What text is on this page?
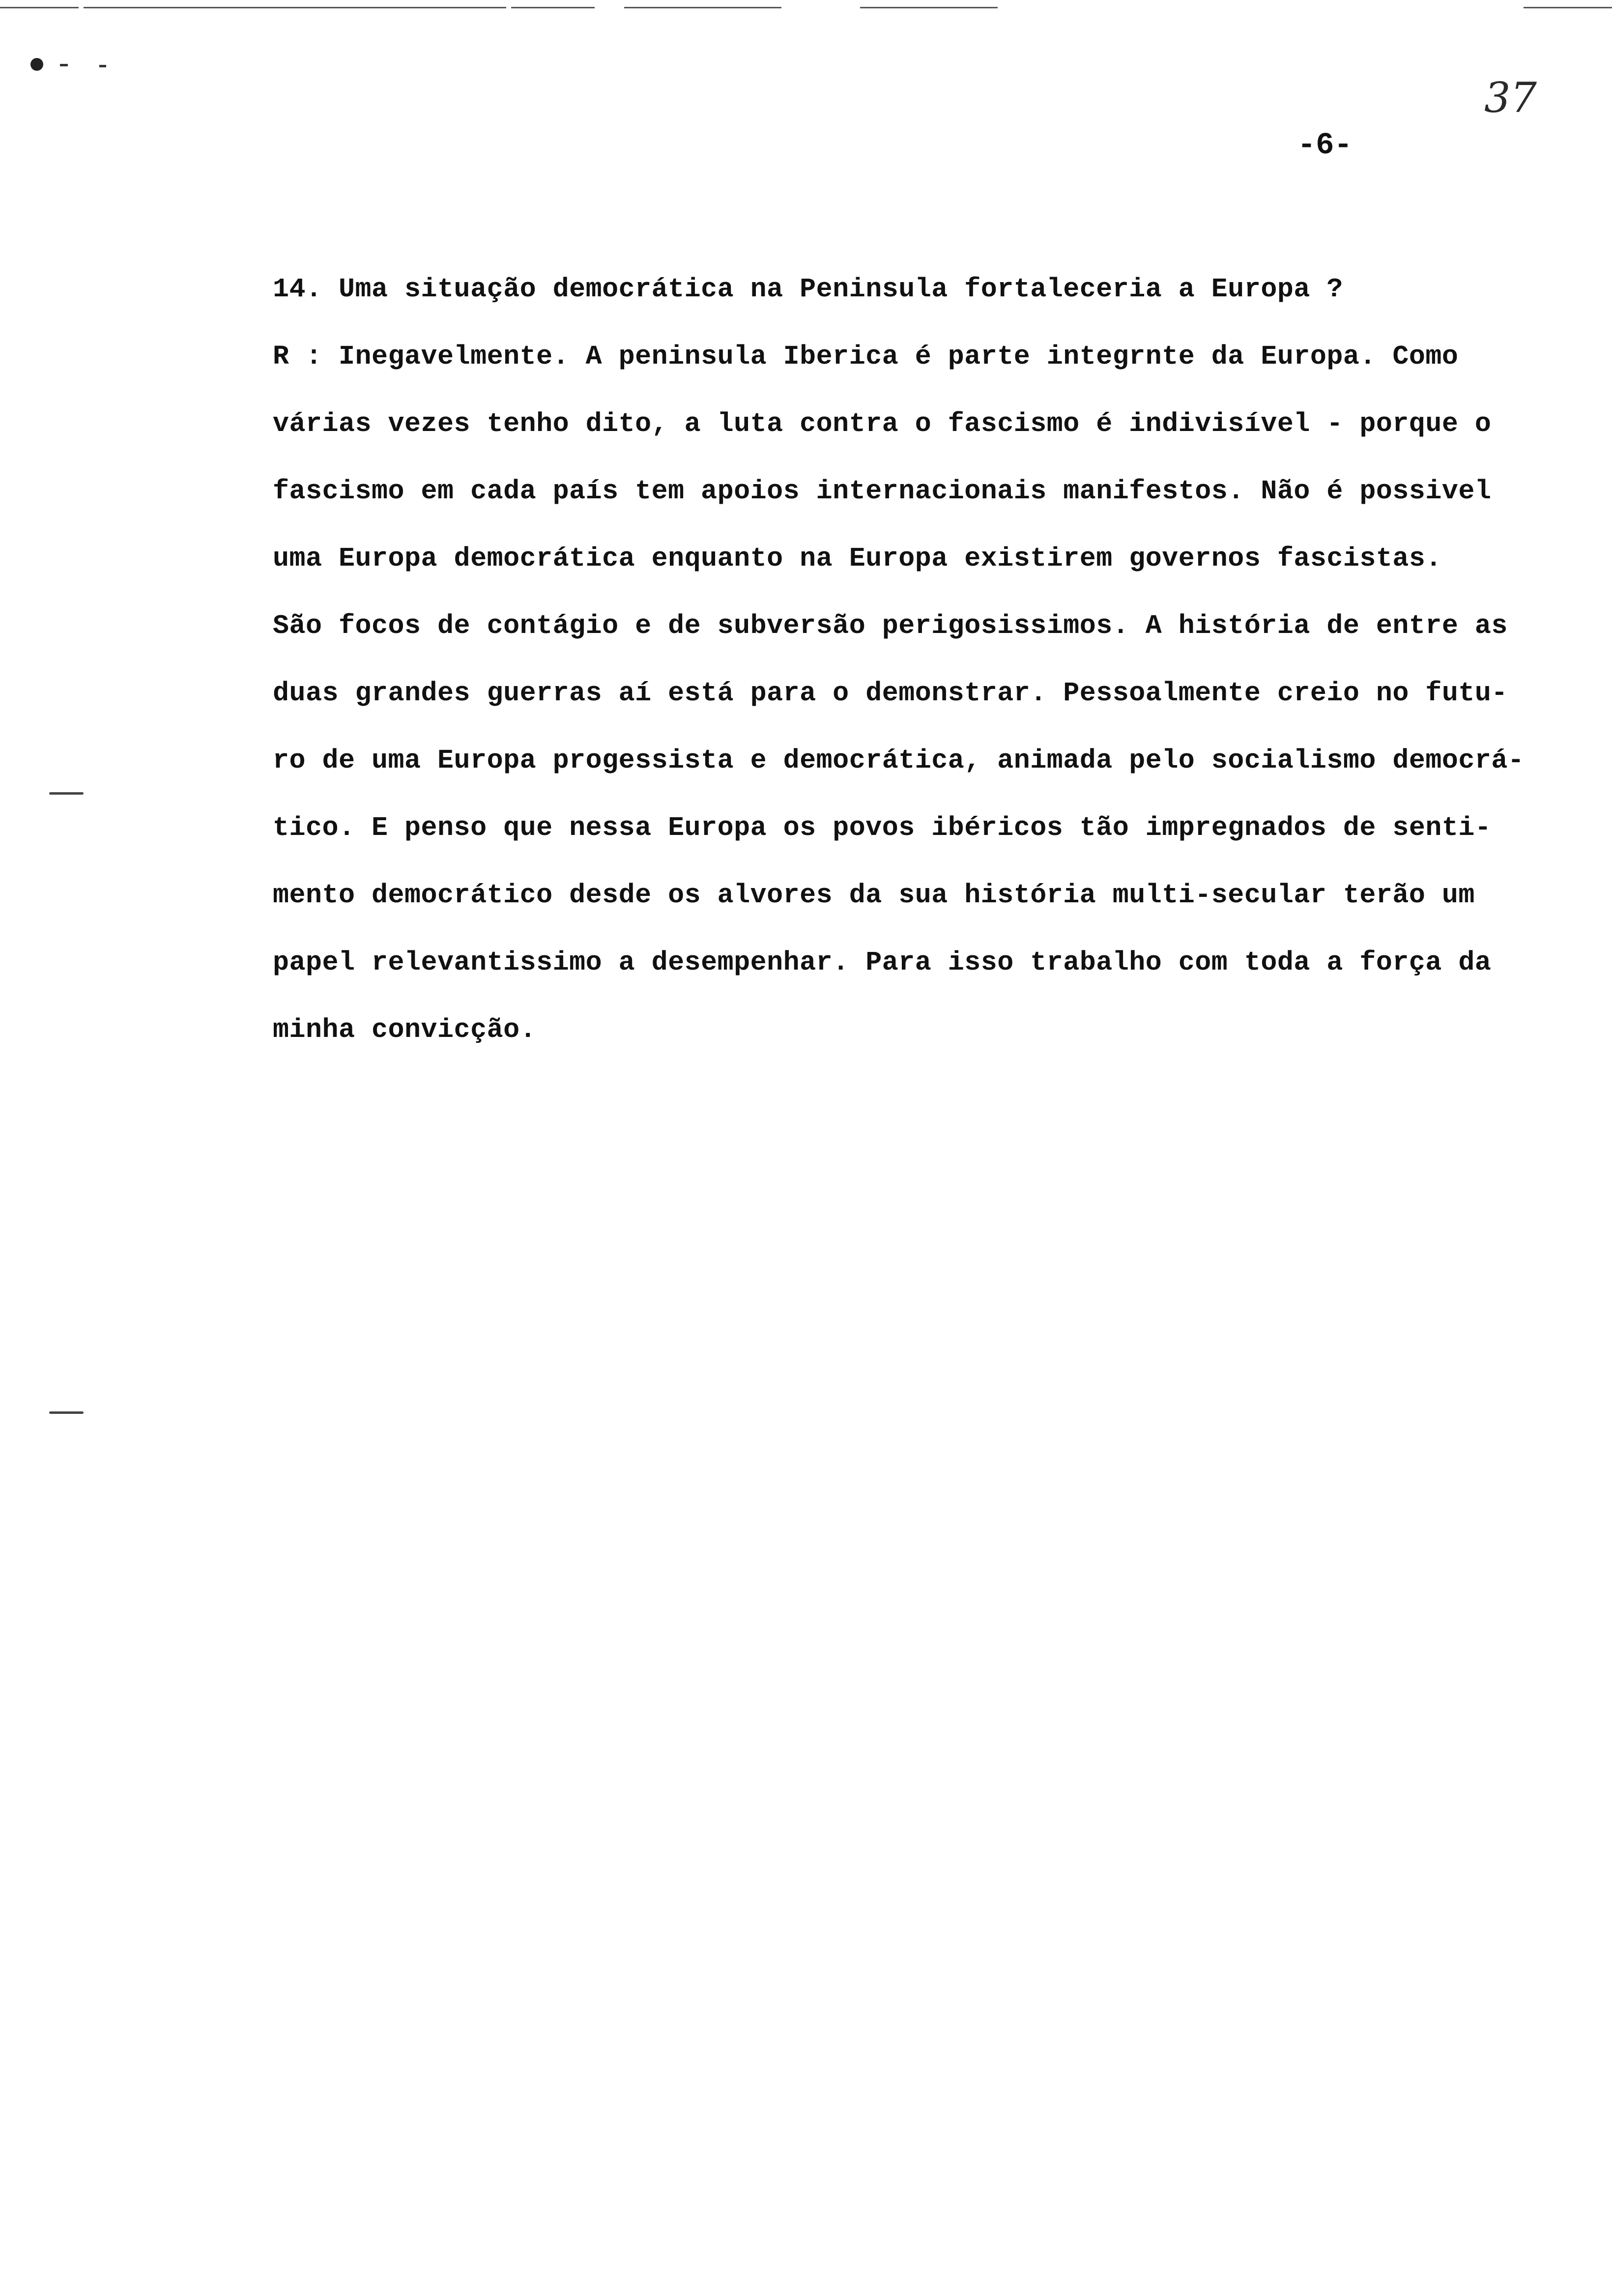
37
-6-
14. Uma situação democrática na Peninsula fortaleceria a Europa ?
R : Inegavelmente. A peninsula Iberica é parte integrnte da Europa. Como
várias vezes tenho dito, a luta contra o fascismo é indivisível - porque o
fascismo em cada país tem apoios internacionais manifestos. Não é possivel
uma Europa democrática enquanto na Europa existirem governos fascistas.
São focos de contágio e de subversão perigosissimos. A história de entre as
duas grandes guerras aí está para o demonstrar. Pessoalmente creio no futu-
ro de uma Europa progessista e democrática, animada pelo socialismo democrá-
tico. E penso que nessa Europa os povos ibéricos tão impregnados de senti-
mento democrático desde os alvores da sua história multi-secular terão um
papel relevantissimo a desempenhar. Para isso trabalho com toda a força da
minha convicção.
